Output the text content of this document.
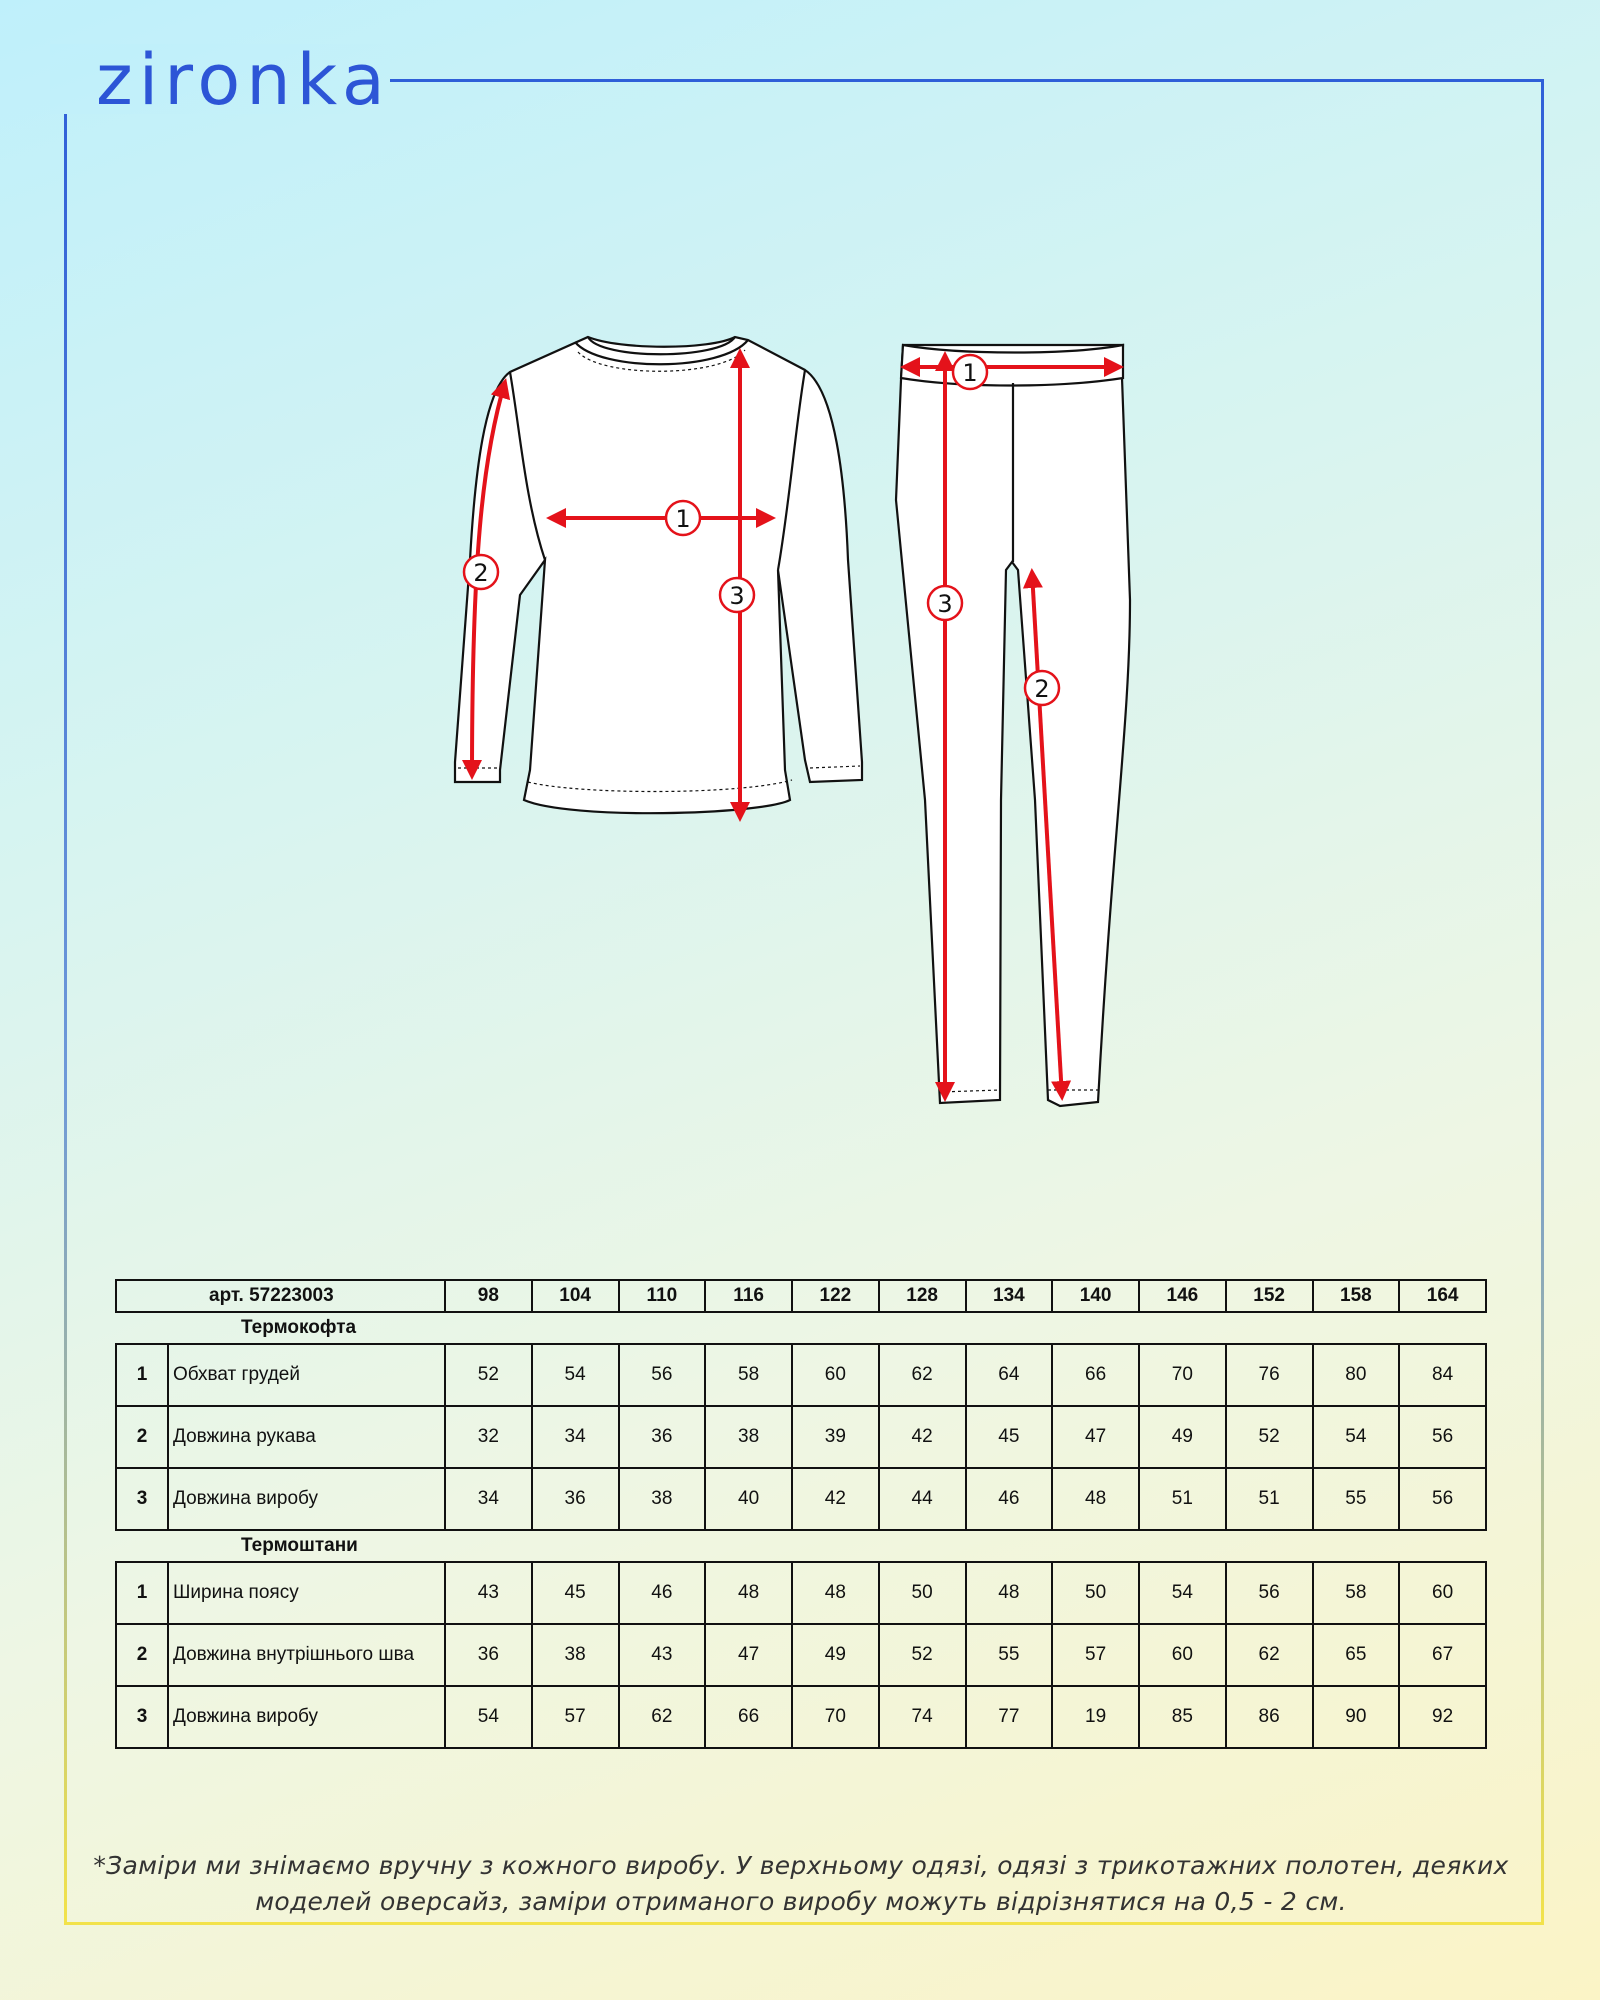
zironka
1
2
3
1
2
3
арт. 57223003		98	104	110	116	122	128	134	140	146	152	158	164
Термокофта													
1	Обхват грудей	52	54	56	58	60	62	64	66	70	76	80	84
2	Довжина рукава	32	34	36	38	39	42	45	47	49	52	54	56
3	Довжина виробу	34	36	38	40	42	44	46	48	51	51	55	56
Термоштани													
1	Ширина поясу	43	45	46	48	48	50	48	50	54	56	58	60
2	Довжина внутрішнього шва	36	38	43	47	49	52	55	57	60	62	65	67
3	Довжина виробу	54	57	62	66	70	74	77	19	85	86	90	92

*Заміри ми знімаємо вручну з кожного виробу. У верхньому одязі, одязі з трикотажних полотен, деяких моделей оверсайз, заміри отриманого виробу можуть відрізнятися на 0,5 - 2 см.
